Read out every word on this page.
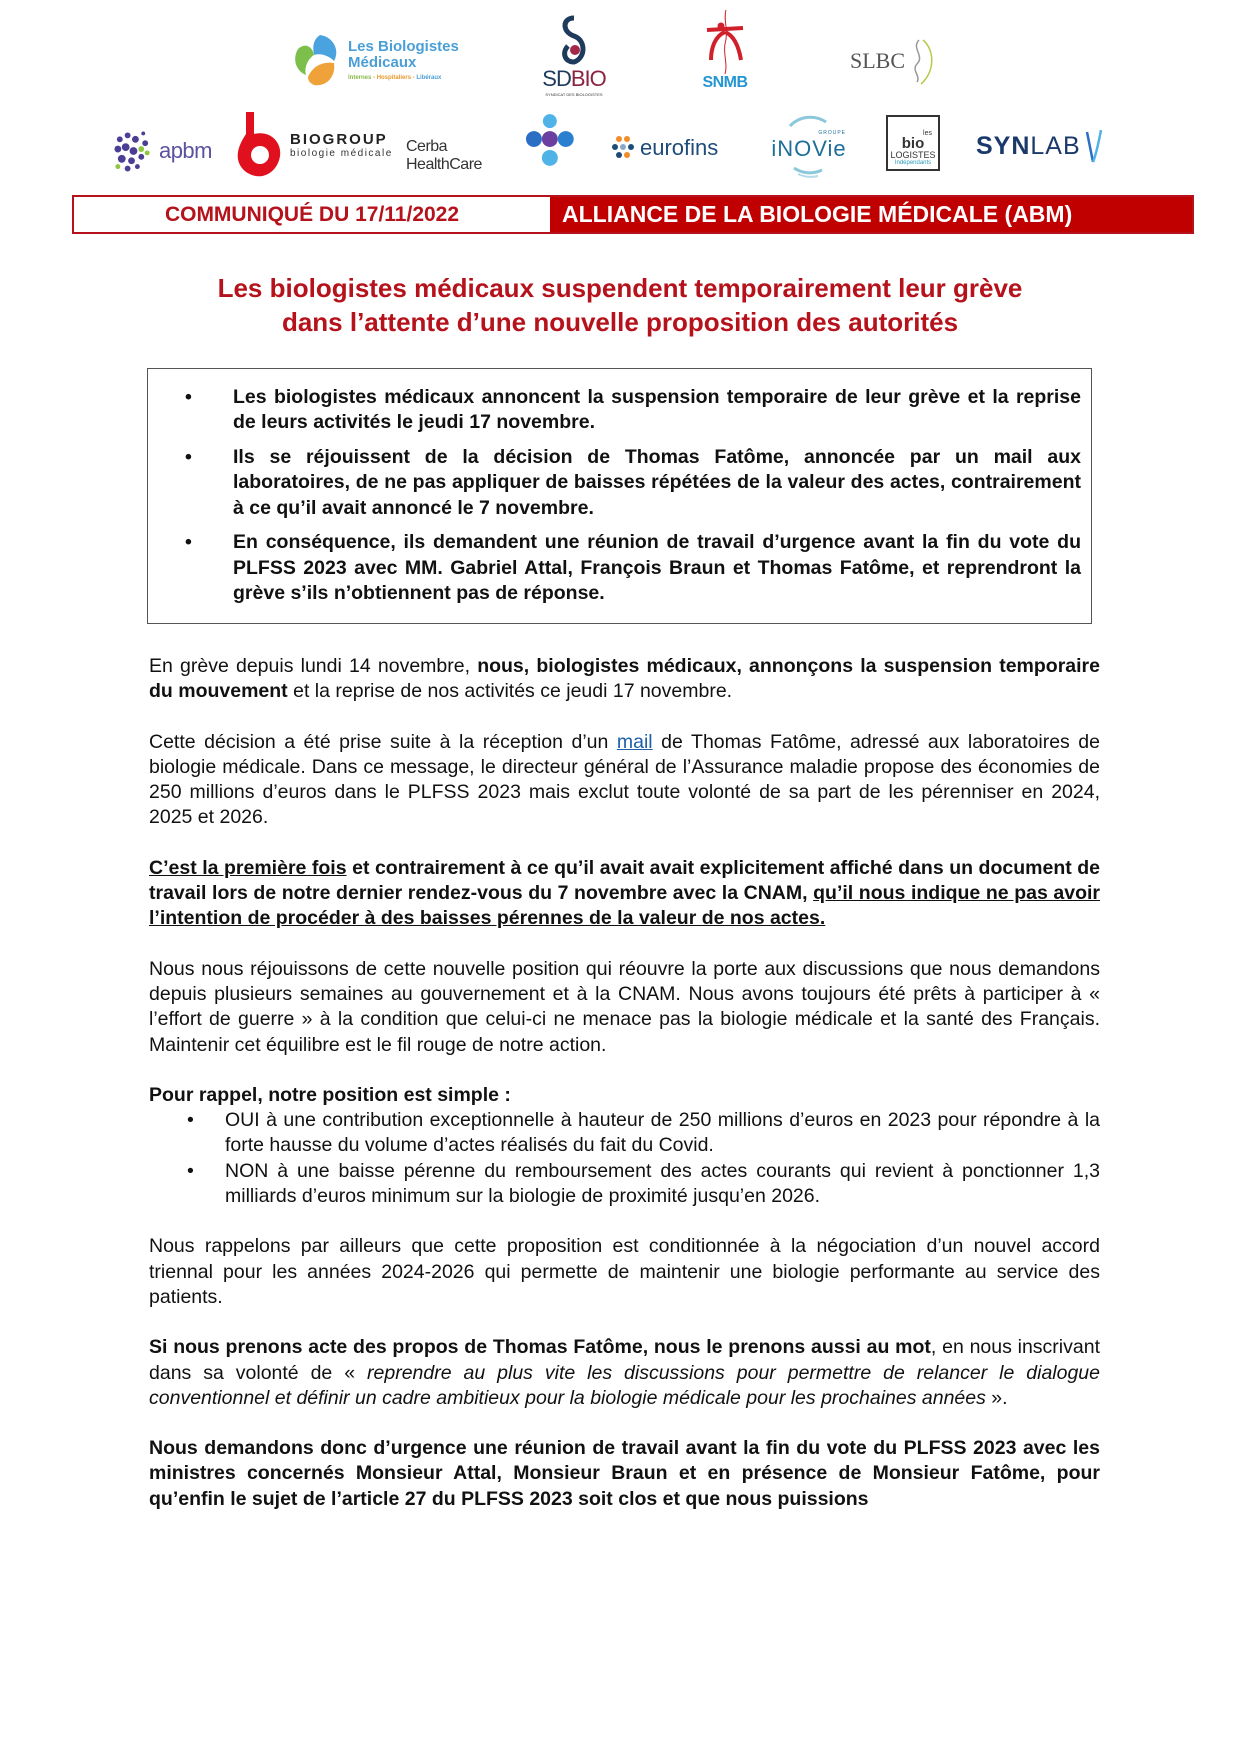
Les Biologistes
Médicaux
Internes - Hospitaliers - Libéraux	SDBIO
SYNDICAT DES BIOLOGISTES
SNMB
SLBC
apbm	BIOGROUP
biologie médicale Cerba HealthCare
eurofins
GROUPE
iNOVie
les
bio
LOGISTES
Indépendants
SYNLAB
COMMUNIQUÉ DU 17/11/2022	ALLIANCE DE LA BIOLOGIE MÉDICALE (ABM)
Les biologistes médicaux suspendent temporairement leur grève
dans l’attente d’une nouvelle proposition des autorités
• Les biologistes médicaux annoncent la suspension temporaire de leur grève et la reprise de leurs activités le jeudi 17 novembre.
• Ils se réjouissent de la décision de Thomas Fatôme, annoncée par un mail aux laboratoires, de ne pas appliquer de baisses répétées de la valeur des actes, contrairement à ce qu’il avait annoncé le 7 novembre.
• En conséquence, ils demandent une réunion de travail d’urgence avant la fin du vote du PLFSS 2023 avec MM. Gabriel Attal, François Braun et Thomas Fatôme, et reprendront la grève s’ils n’obtiennent pas de réponse.

En grève depuis lundi 14 novembre, nous, biologistes médicaux, annonçons la suspension temporaire du mouvement et la reprise de nos activités ce jeudi 17 novembre.

Cette décision a été prise suite à la réception d’un mail de Thomas Fatôme, adressé aux laboratoires de biologie médicale. Dans ce message, le directeur général de l’Assurance maladie propose des économies de 250 millions d’euros dans le PLFSS 2023 mais exclut toute volonté de sa part de les pérenniser en 2024, 2025 et 2026.

C’est la première fois et contrairement à ce qu’il avait avait explicitement affiché dans un document de travail lors de notre dernier rendez-vous du 7 novembre avec la CNAM, qu’il nous indique ne pas avoir l’intention de procéder à des baisses pérennes de la valeur de nos actes.

Nous nous réjouissons de cette nouvelle position qui réouvre la porte aux discussions que nous demandons depuis plusieurs semaines au gouvernement et à la CNAM. Nous avons toujours été prêts à participer à « l’effort de guerre » à la condition que celui-ci ne menace pas la biologie médicale et la santé des Français. Maintenir cet équilibre est le fil rouge de notre action.

Pour rappel, notre position est simple :

• OUI à une contribution exceptionnelle à hauteur de 250 millions d’euros en 2023 pour répondre à la forte hausse du volume d’actes réalisés du fait du Covid.
• NON à une baisse pérenne du remboursement des actes courants qui revient à ponctionner 1,3 milliards d’euros minimum sur la biologie de proximité jusqu’en 2026.

Nous rappelons par ailleurs que cette proposition est conditionnée à la négociation d’un nouvel accord triennal pour les années 2024-2026 qui permette de maintenir une biologie performante au service des patients.

Si nous prenons acte des propos de Thomas Fatôme, nous le prenons aussi au mot, en nous inscrivant dans sa volonté de « reprendre au plus vite les discussions pour permettre de relancer le dialogue conventionnel et définir un cadre ambitieux pour la biologie médicale pour les prochaines années ».

Nous demandons donc d’urgence une réunion de travail avant la fin du vote du PLFSS 2023 avec les ministres concernés Monsieur Attal, Monsieur Braun et en présence de Monsieur Fatôme, pour qu’enfin le sujet de l’article 27 du PLFSS 2023 soit clos et que nous puissions
